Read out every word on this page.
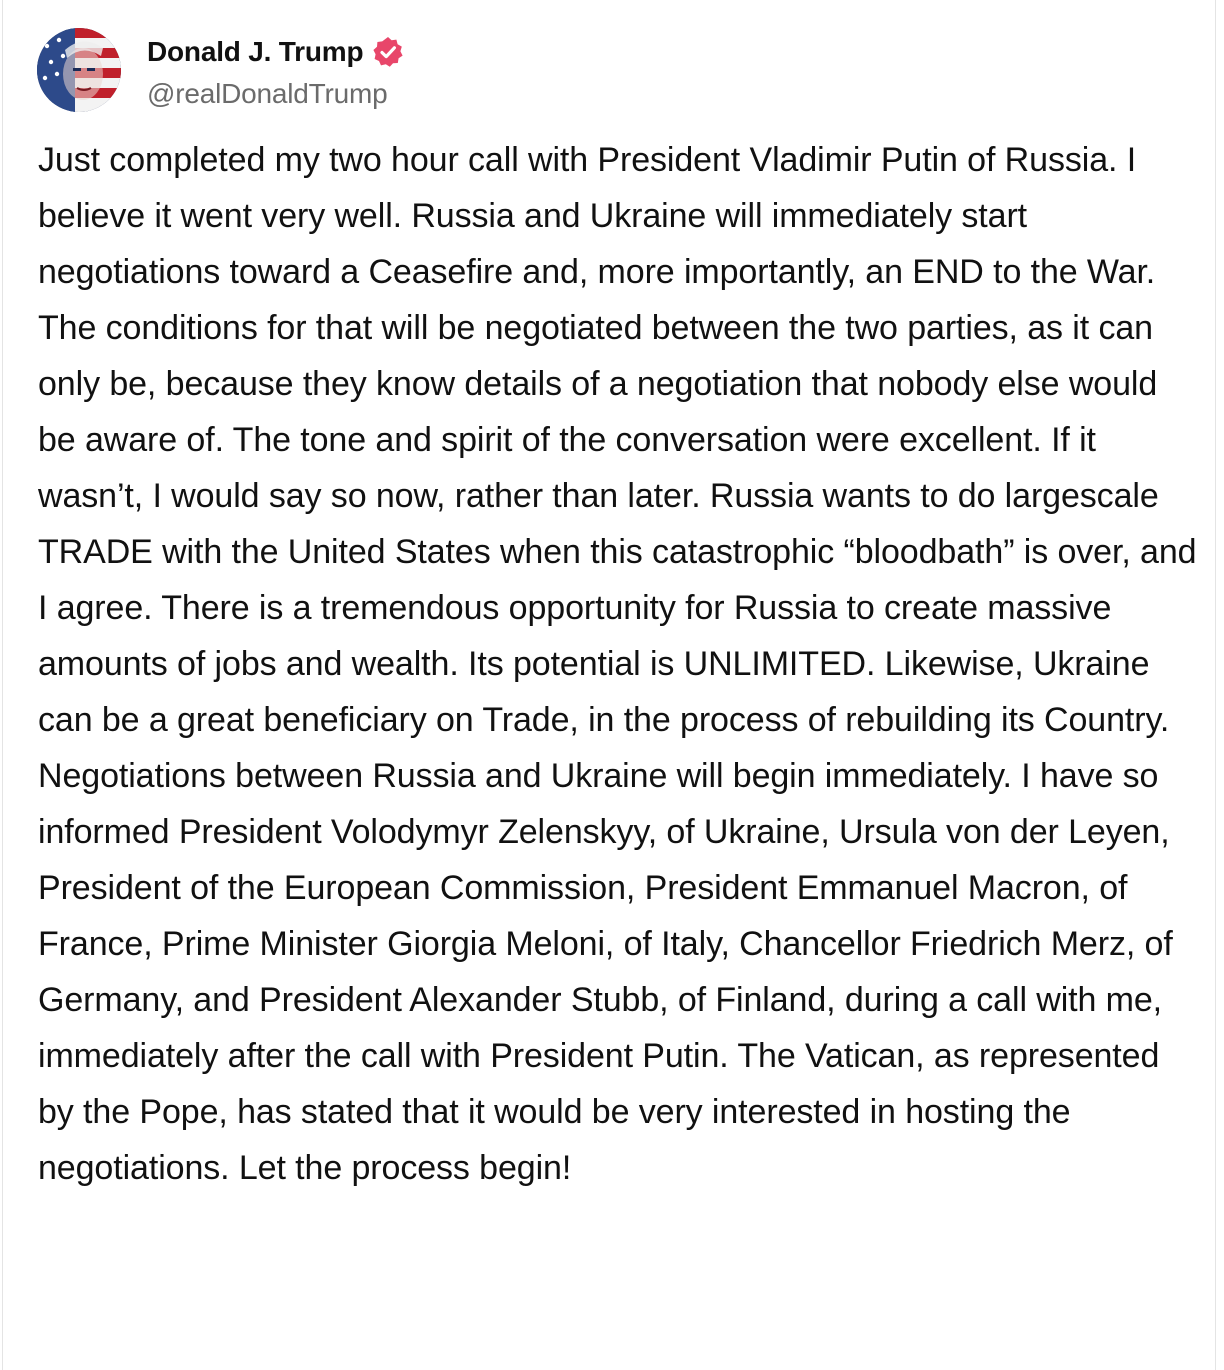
Donald J. Trump
@realDonaldTrump

Just completed my two hour call with President Vladimir Putin of Russia. I believe it went very well. Russia and Ukraine will immediately start negotiations toward a Ceasefire and, more importantly, an END to the War. The conditions for that will be negotiated between the two parties, as it can only be, because they know details of a negotiation that nobody else would be aware of. The tone and spirit of the conversation were excellent. If it wasn’t, I would say so now, rather than later. Russia wants to do largescale TRADE with the United States when this catastrophic “bloodbath” is over, and I agree. There is a tremendous opportunity for Russia to create massive amounts of jobs and wealth. Its potential is UNLIMITED. Likewise, Ukraine can be a great beneficiary on Trade, in the process of rebuilding its Country. Negotiations between Russia and Ukraine will begin immediately. I have so informed President Volodymyr Zelenskyy, of Ukraine, Ursula von der Leyen, President of the European Commission, President Emmanuel Macron, of France, Prime Minister Giorgia Meloni, of Italy, Chancellor Friedrich Merz, of Germany, and President Alexander Stubb, of Finland, during a call with me, immediately after the call with President Putin. The Vatican, as represented by the Pope, has stated that it would be very interested in hosting the negotiations. Let the process begin!
